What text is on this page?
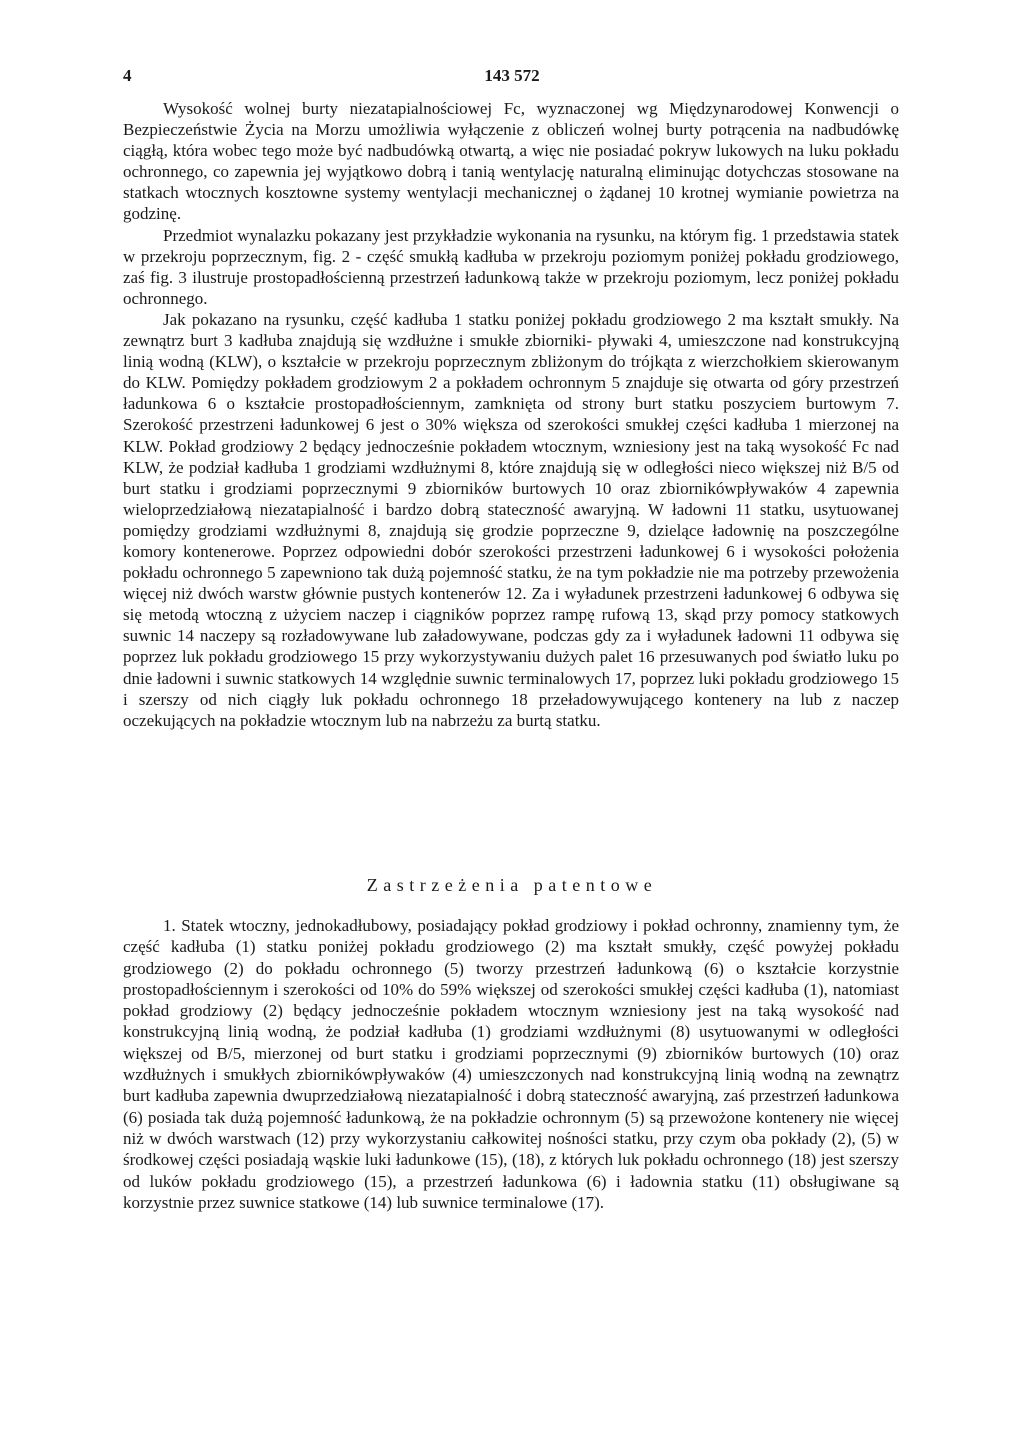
4	143 572

Wysokość wolnej burty niezatapialnościowej Fc, wyznaczonej wg Międzynarodowej Konwencji o Bezpieczeństwie Życia na Morzu umożliwia wyłączenie z obliczeń wolnej burty potrącenia na nadbudówkę ciągłą, która wobec tego może być nadbudówką otwartą, a więc nie posiadać pokryw lukowych na luku pokładu ochronnego, co zapewnia jej wyjątkowo dobrą i tanią wentylację naturalną eliminując dotychczas stosowane na statkach wtocznych kosztowne systemy wentylacji mechanicznej o żądanej 10 krotnej wymianie powietrza na godzinę.

Przedmiot wynalazku pokazany jest przykładzie wykonania na rysunku, na którym fig. 1 przedstawia statek w przekroju poprzecznym, fig. 2 - część smukłą kadłuba w przekroju poziomym poniżej pokładu grodziowego, zaś fig. 3 ilustruje prostopadłościenną przestrzeń ładunkową także w przekroju poziomym, lecz poniżej pokładu ochronnego.

Jak pokazano na rysunku, część kadłuba 1 statku poniżej pokładu grodziowego 2 ma kształt smukły. Na zewnątrz burt 3 kadłuba znajdują się wzdłużne i smukłe zbiorniki- pływaki 4, umieszczone nad konstrukcyjną linią wodną (KLW), o kształcie w przekroju poprzecznym zbliżonym do trójkąta z wierzchołkiem skierowanym do KLW. Pomiędzy pokładem grodziowym 2 a pokładem ochronnym 5 znajduje się otwarta od góry przestrzeń ładunkowa 6 o kształcie prostopadłościennym, zamknięta od strony burt statku poszyciem burtowym 7. Szerokość przestrzeni ładunkowej 6 jest o 30% większa od szerokości smukłej części kadłuba 1 mierzonej na KLW. Pokład grodziowy 2 będący jednocześnie pokładem wtocznym, wzniesiony jest na taką wysokość Fc nad KLW, że podział kadłuba 1 grodziami wzdłużnymi 8, które znajdują się w odległości nieco większej niż B/5 od burt statku i grodziami poprzecznymi 9 zbiorników burtowych 10 oraz zbiornikówpływaków 4 zapewnia wieloprzedziałową niezatapialność i bardzo dobrą stateczność awaryjną. W ładowni 11 statku, usytuowanej pomiędzy grodziami wzdłużnymi 8, znajdują się grodzie poprzeczne 9, dzielące ładownię na poszczególne komory kontenerowe. Poprzez odpowiedni dobór szerokości przestrzeni ładunkowej 6 i wysokości położenia pokładu ochronnego 5 zapewniono tak dużą pojemność statku, że na tym pokładzie nie ma potrzeby przewożenia więcej niż dwóch warstw głównie pustych kontenerów 12. Za i wyładunek przestrzeni ładunkowej 6 odbywa się się metodą wtoczną z użyciem naczep i ciągników poprzez rampę rufową 13, skąd przy pomocy statkowych suwnic 14 naczepy są rozładowywane lub załadowywane, podczas gdy za i wyładunek ładowni 11 odbywa się poprzez luk pokładu grodziowego 15 przy wykorzystywaniu dużych palet 16 przesuwanych pod światło luku po dnie ładowni i suwnic statkowych 14 względnie suwnic terminalowych 17, poprzez luki pokładu grodziowego 15 i szerszy od nich ciągły luk pokładu ochronnego 18 przeładowywującego kontenery na lub z naczep oczekujących na pokładzie wtocznym lub na nabrzeżu za burtą statku.

Zastrzeżenia patentowe

1. Statek wtoczny, jednokadłubowy, posiadający pokład grodziowy i pokład ochronny, znamienny tym, że część kadłuba (1) statku poniżej pokładu grodziowego (2) ma kształt smukły, część powyżej pokładu grodziowego (2) do pokładu ochronnego (5) tworzy przestrzeń ładunkową (6) o kształcie korzystnie prostopadłościennym i szerokości od 10% do 59% większej od szerokości smukłej części kadłuba (1), natomiast pokład grodziowy (2) będący jednocześnie pokładem wtocznym wzniesiony jest na taką wysokość nad konstrukcyjną linią wodną, że podział kadłuba (1) grodziami wzdłużnymi (8) usytuowanymi w odległości większej od B/5, mierzonej od burt statku i grodziami poprzecznymi (9) zbiorników burtowych (10) oraz wzdłużnych i smukłych zbiornikówpływaków (4) umieszczonych nad konstrukcyjną linią wodną na zewnątrz burt kadłuba zapewnia dwuprzedziałową niezatapialność i dobrą stateczność awaryjną, zaś przestrzeń ładunkowa (6) posiada tak dużą pojemność ładunkową, że na pokładzie ochronnym (5) są przewożone kontenery nie więcej niż w dwóch warstwach (12) przy wykorzystaniu całkowitej nośności statku, przy czym oba pokłady (2), (5) w środkowej części posiadają wąskie luki ładunkowe (15), (18), z których luk pokładu ochronnego (18) jest szerszy od luków pokładu grodziowego (15), a przestrzeń ładunkowa (6) i ładownia statku (11) obsługiwane są korzystnie przez suwnice statkowe (14) lub suwnice terminalowe (17).
